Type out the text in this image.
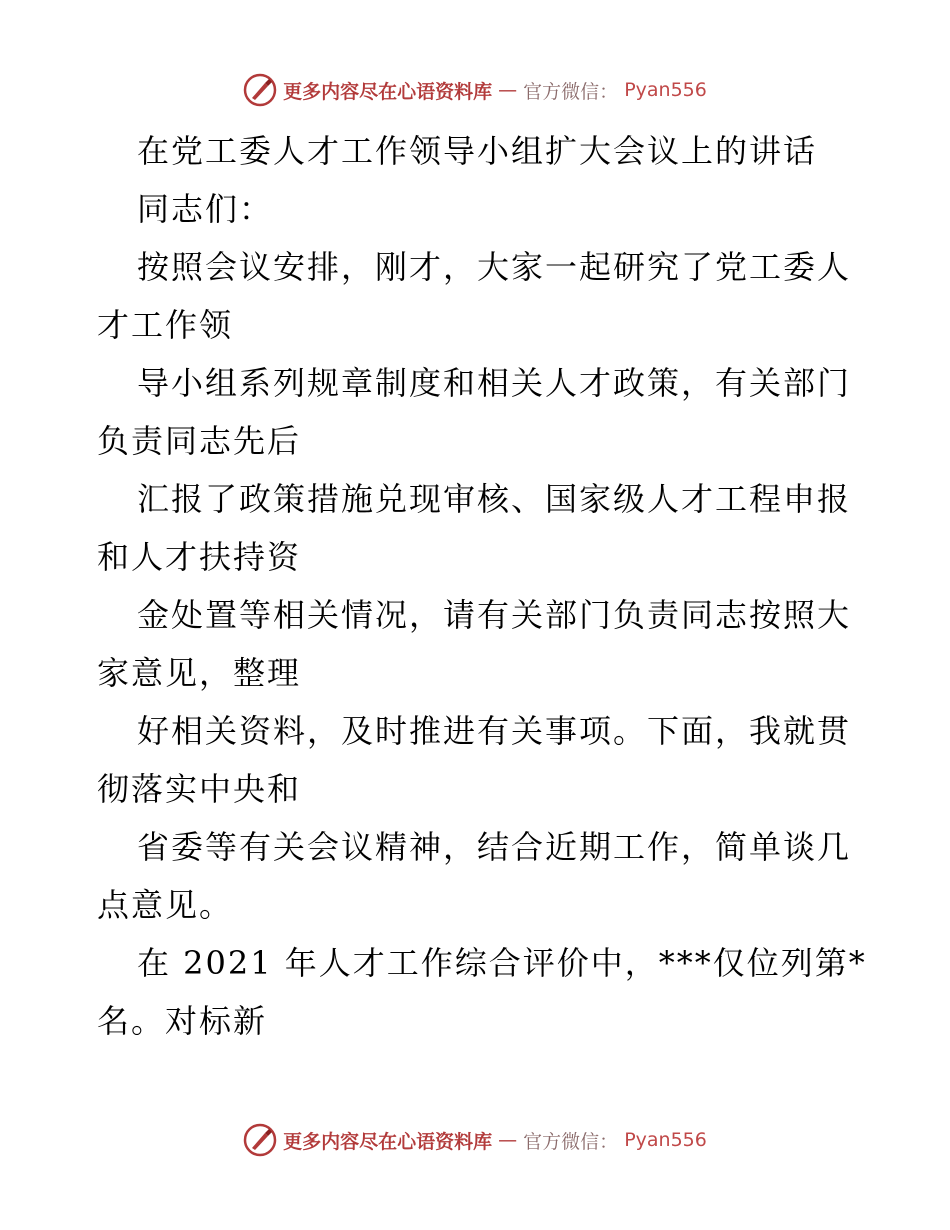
更多内容尽在心语资料库 — 官方微信： Pyan556
在党工委人才工作领导小组扩大会议上的讲话
同志们：
按照会议安排，刚才，大家一起研究了党工委人
才工作领
导小组系列规章制度和相关人才政策，有关部门
负责同志先后
汇报了政策措施兑现审核、国家级人才工程申报
和人才扶持资
金处置等相关情况，请有关部门负责同志按照大
家意见，整理
好相关资料，及时推进有关事项。下面，我就贯
彻落实中央和
省委等有关会议精神，结合近期工作，简单谈几
点意见。
在 2021 年人才工作综合评价中，***仅位列第*
名。对标新
更多内容尽在心语资料库 — 官方微信： Pyan556
